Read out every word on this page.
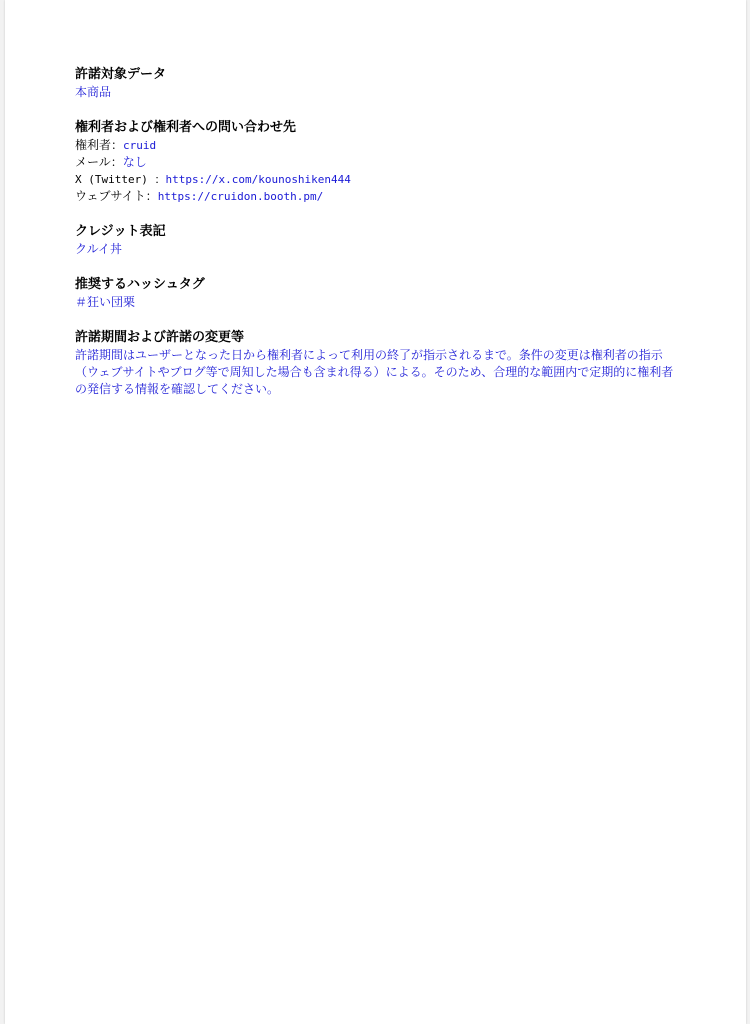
許諾対象データ

本商品

権利者および権利者への問い合わせ先

権利者：cruid

メール：なし

X (Twitter) ：https://x.com/kounoshiken444

ウェブサイト：https://cruidon.booth.pm/

クレジット表記

クルイ丼

推奨するハッシュタグ

＃狂い団栗

許諾期間および許諾の変更等

許諾期間はユーザーとなった日から権利者によって利用の終了が指示されるまで。条件の変更は権利者の指示（ウェブサイトやブログ等で周知した場合も含まれ得る）による。そのため、合理的な範囲内で定期的に権利者の発信する情報を確認してください。
